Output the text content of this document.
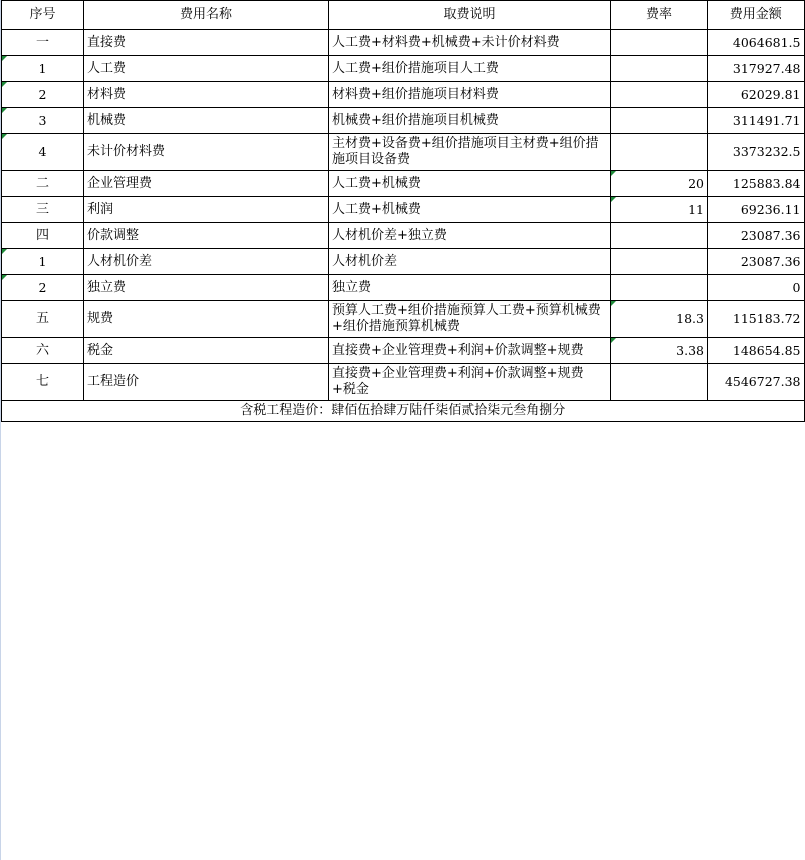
序号	费用名称	取费说明	费率	费用金额
一	直接费	人工费+材料费+机械费+未计价材料费		4064681.5
1	人工费	人工费+组价措施项目人工费		317927.48
2	材料费	材料费+组价措施项目材料费		62029.81
3	机械费	机械费+组价措施项目机械费		311491.71
4	未计价材料费	主材费+设备费+组价措施项目主材费+组价措施项目设备费		3373232.5
二	企业管理费	人工费+机械费	20	125883.84
三	利润	人工费+机械费	11	69236.11
四	价款调整	人材机价差+独立费		23087.36
1	人材机价差	人材机价差		23087.36
2	独立费	独立费		0
五	规费	预算人工费+组价措施预算人工费+预算机械费+组价措施预算机械费	18.3	115183.72
六	税金	直接费+企业管理费+利润+价款调整+规费	3.38	148654.85
七	工程造价	直接费+企业管理费+利润+价款调整+规费+税金		4546727.38
含税工程造价：肆佰伍拾肆万陆仟柒佰贰拾柒元叁角捌分				
